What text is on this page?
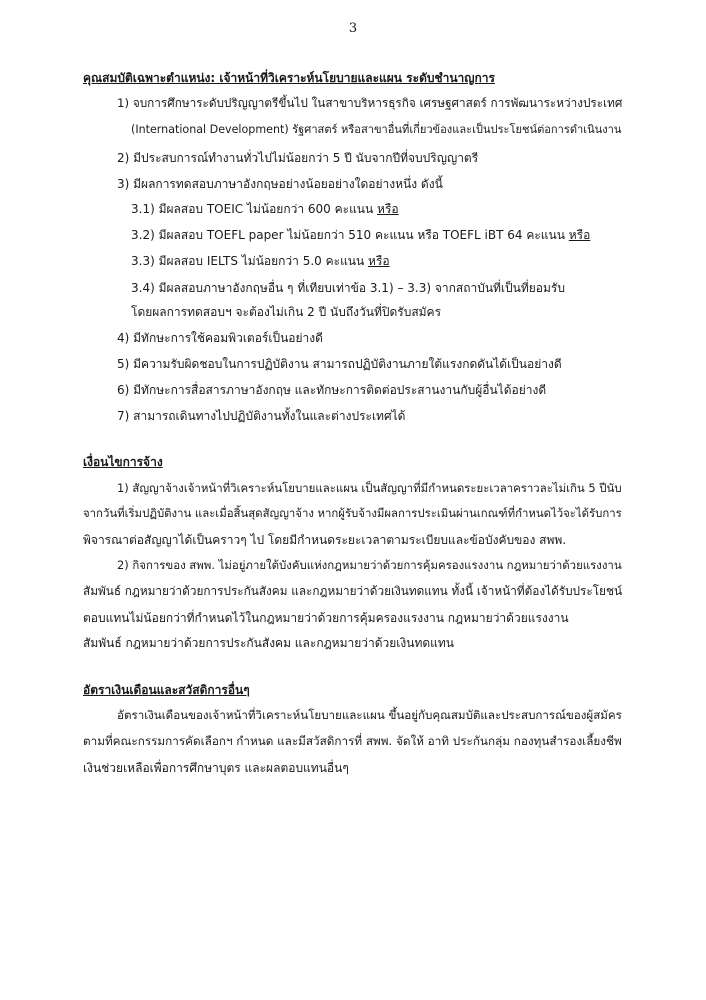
3
คุณสมบัติเฉพาะตำแหน่ง: เจ้าหน้าที่วิเคราะห์นโยบายและแผน ระดับชำนาญการ
1) จบการศึกษาระดับปริญญาตรีขึ้นไป ในสาขาบริหารธุรกิจ เศรษฐศาสตร์ การพัฒนาระหว่างประเทศ
(International Development) รัฐศาสตร์ หรือสาขาอื่นที่เกี่ยวข้องและเป็นประโยชน์ต่อการดำเนินงาน
2) มีประสบการณ์ทำงานทั่วไปไม่น้อยกว่า 5 ปี นับจากปีที่จบปริญญาตรี
3) มีผลการทดสอบภาษาอังกฤษอย่างน้อยอย่างใดอย่างหนึ่ง ดังนี้
3.1) มีผลสอบ TOEIC ไม่น้อยกว่า 600 คะแนน หรือ
3.2) มีผลสอบ TOEFL paper ไม่น้อยกว่า 510 คะแนน หรือ TOEFL iBT 64 คะแนน หรือ
3.3) มีผลสอบ IELTS ไม่น้อยกว่า 5.0 คะแนน หรือ
3.4) มีผลสอบภาษาอังกฤษอื่น ๆ ที่เทียบเท่าข้อ 3.1) – 3.3) จากสถาบันที่เป็นที่ยอมรับ
โดยผลการทดสอบฯ จะต้องไม่เกิน 2 ปี นับถึงวันที่ปิดรับสมัคร
4) มีทักษะการใช้คอมพิวเตอร์เป็นอย่างดี
5) มีความรับผิดชอบในการปฏิบัติงาน สามารถปฏิบัติงานภายใต้แรงกดดันได้เป็นอย่างดี
6) มีทักษะการสื่อสารภาษาอังกฤษ และทักษะการติดต่อประสานงานกับผู้อื่นได้อย่างดี
7) สามารถเดินทางไปปฏิบัติงานทั้งในและต่างประเทศได้
เงื่อนไขการจ้าง
1) สัญญาจ้างเจ้าหน้าที่วิเคราะห์นโยบายและแผน เป็นสัญญาที่มีกำหนดระยะเวลาคราวละไม่เกิน 5 ปีนับ
จากวันที่เริ่มปฏิบัติงาน และเมื่อสิ้นสุดสัญญาจ้าง หากผู้รับจ้างมีผลการประเมินผ่านเกณฑ์ที่กำหนดไว้จะได้รับการ
พิจารณาต่อสัญญาได้เป็นคราวๆ ไป โดยมีกำหนดระยะเวลาตามระเบียบและข้อบังคับของ สพพ.
2) กิจการของ สพพ. ไม่อยู่ภายใต้บังคับแห่งกฎหมายว่าด้วยการคุ้มครองแรงงาน กฎหมายว่าด้วยแรงงาน
สัมพันธ์ กฎหมายว่าด้วยการประกันสังคม และกฎหมายว่าด้วยเงินทดแทน ทั้งนี้ เจ้าหน้าที่ต้องได้รับประโยชน์
ตอบแทนไม่น้อยกว่าที่กำหนดไว้ในกฎหมายว่าด้วยการคุ้มครองแรงงาน กฎหมายว่าด้วยแรงงาน
สัมพันธ์ กฎหมายว่าด้วยการประกันสังคม และกฎหมายว่าด้วยเงินทดแทน
อัตราเงินเดือนและสวัสดิการอื่นๆ
อัตราเงินเดือนของเจ้าหน้าที่วิเคราะห์นโยบายและแผน ขึ้นอยู่กับคุณสมบัติและประสบการณ์ของผู้สมัคร
ตามที่คณะกรรมการคัดเลือกฯ กำหนด และมีสวัสดิการที่ สพพ. จัดให้ อาทิ ประกันกลุ่ม กองทุนสำรองเลี้ยงชีพ
เงินช่วยเหลือเพื่อการศึกษาบุตร และผลตอบแทนอื่นๆ
